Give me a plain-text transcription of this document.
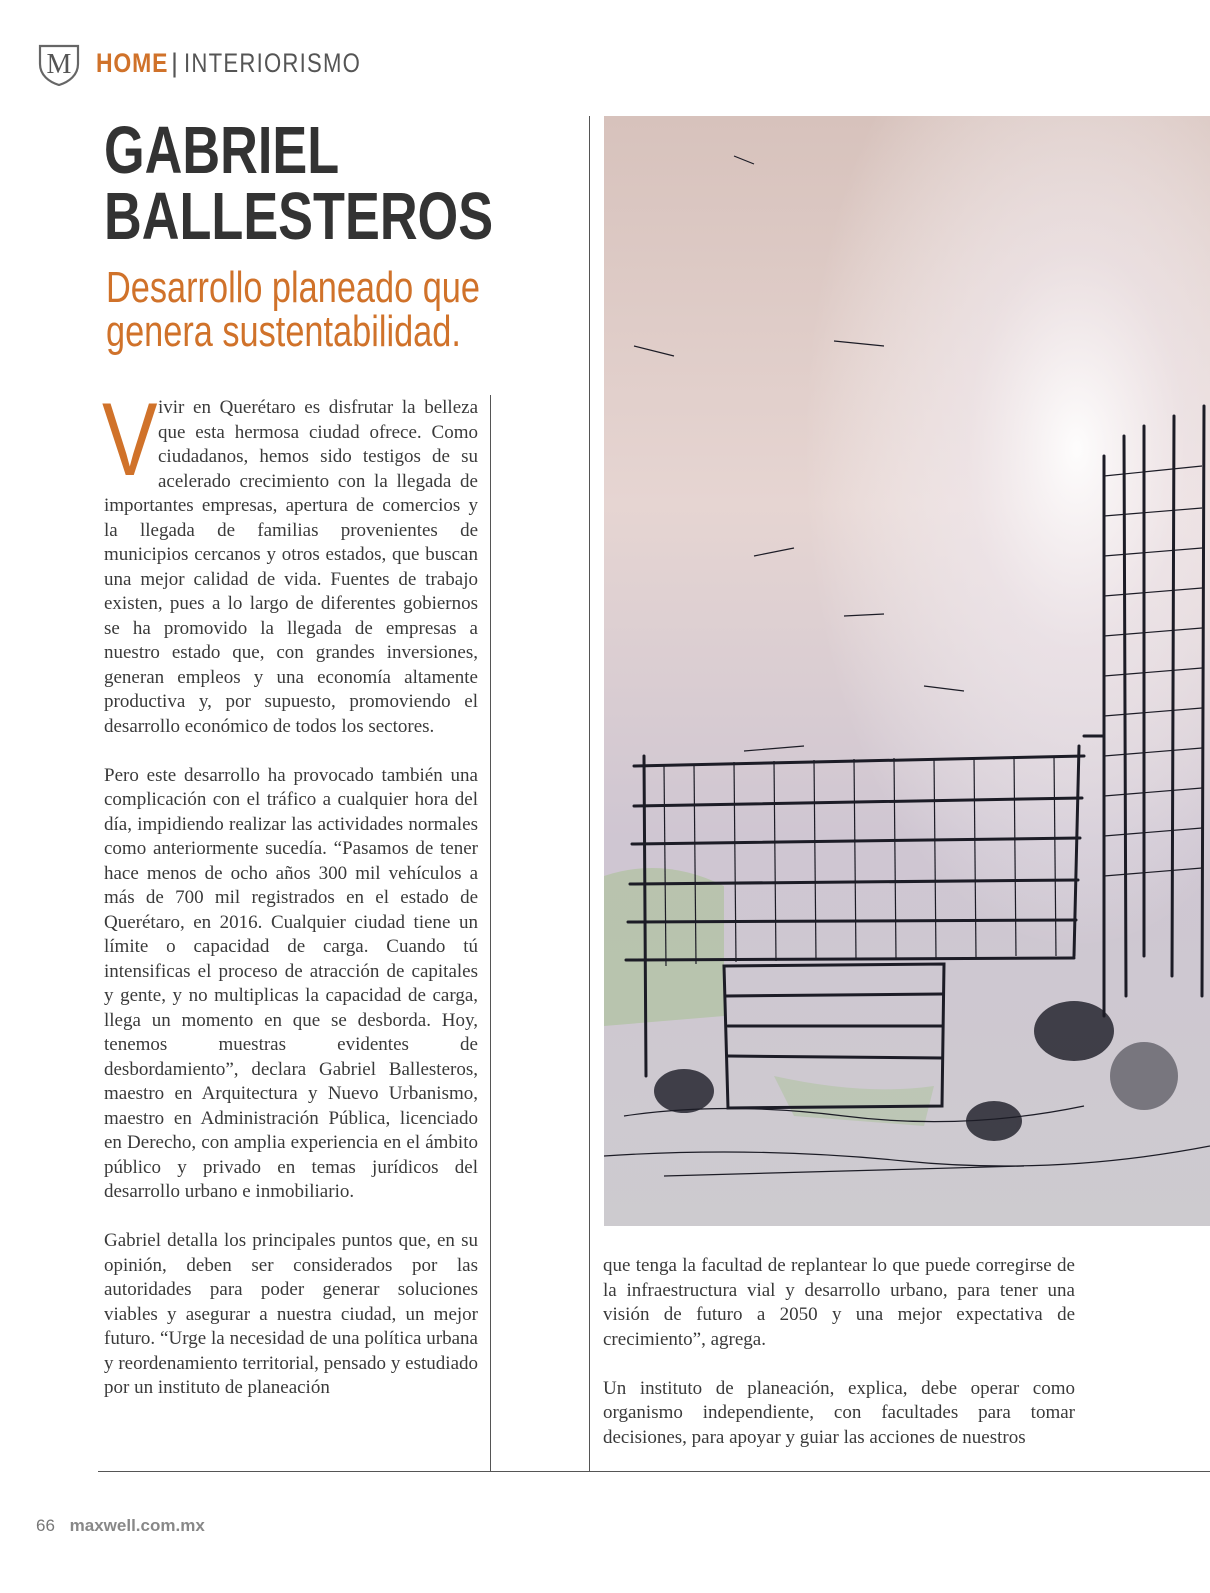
M HOME | INTERIORISMO
GABRIEL
BALLESTEROS
Desarrollo planeado que
genera sustentabilidad.

Vivir en Querétaro es disfrutar la belleza que esta hermosa ciudad ofrece. Como ciudadanos, hemos sido testigos de su acelerado crecimiento con la llegada de importantes empresas, apertura de comercios y la llegada de familias provenientes de municipios cercanos y otros estados, que buscan una mejor calidad de vida. Fuentes de trabajo existen, pues a lo largo de diferentes gobiernos se ha promovido la llegada de empresas a nuestro estado que, con grandes inversiones, generan empleos y una economía altamente productiva y, por supuesto, promoviendo el desarrollo económico de todos los sectores.

Pero este desarrollo ha provocado también una complicación con el tráfico a cualquier hora del día, impidiendo realizar las actividades normales como anteriormente sucedía. “Pasamos de tener hace menos de ocho años 300 mil vehículos a más de 700 mil registrados en el estado de Querétaro, en 2016. Cualquier ciudad tiene un límite o capacidad de carga. Cuando tú intensificas el proceso de atracción de capitales y gente, y no multiplicas la capacidad de carga, llega un momento en que se desborda. Hoy, tenemos muestras evidentes de desbordamiento”, declara Gabriel Ballesteros, maestro en Arquitectura y Nuevo Urbanismo, maestro en Administración Pública, licenciado en Derecho, con amplia experiencia en el ámbito público y privado en temas jurídicos del desarrollo urbano e inmobiliario.

Gabriel detalla los principales puntos que, en su opinión, deben ser considerados por las autoridades para poder generar soluciones viables y asegurar a nuestra ciudad, un mejor futuro. “Urge la necesidad de una política urbana y reordenamiento territorial, pensado y estudiado por un instituto de planeación

que tenga la facultad de replantear lo que puede corregirse de la infraestructura vial y desarrollo urbano, para tener una visión de futuro a 2050 y una mejor expectativa de crecimiento”, agrega.

Un instituto de planeación, explica, debe operar como organismo independiente, con facultades para tomar decisiones, para apoyar y guiar las acciones de nuestros

66 maxwell.com.mx
